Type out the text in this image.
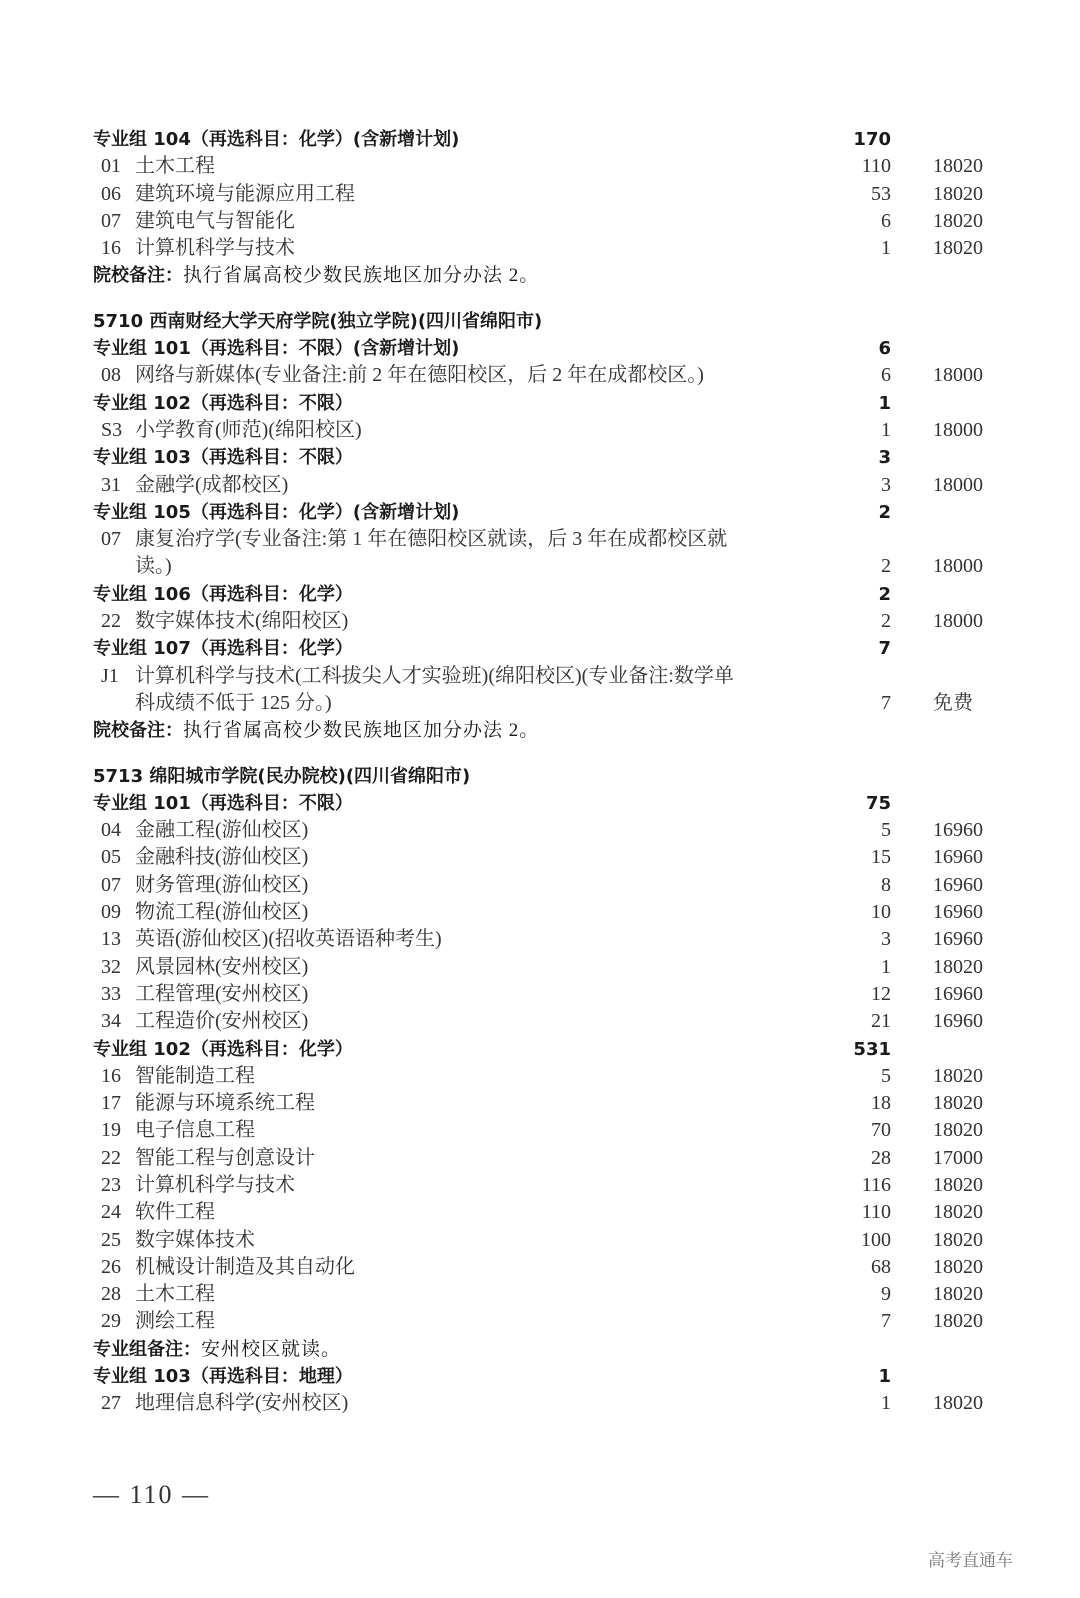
专业组 104（再选科目：化学）(含新增计划)	170
01 土木工程	110 18020
06 建筑环境与能源应用工程	53 18020
07 建筑电气与智能化	6 18020
16 计算机科学与技术	1 18020
院校备注：执行省属高校少数民族地区加分办法 2。
5710 西南财经大学天府学院(独立学院)(四川省绵阳市)
专业组 101（再选科目：不限）(含新增计划)	6
08 网络与新媒体(专业备注:前 2 年在德阳校区，后 2 年在成都校区。)	6 18000
专业组 102（再选科目：不限）	1
S3 小学教育(师范)(绵阳校区)	1 18000
专业组 103（再选科目：不限）	3
31 金融学(成都校区)	3 18000
专业组 105（再选科目：化学）(含新增计划)	2
07 康复治疗学(专业备注:第 1 年在德阳校区就读，后 3 年在成都校区就
读。)	2 18000
专业组 106（再选科目：化学）	2
22 数字媒体技术(绵阳校区)	2 18000
专业组 107（再选科目：化学）	7
J1 计算机科学与技术(工科拔尖人才实验班)(绵阳校区)(专业备注:数学单
科成绩不低于 125 分。)	7 免费
院校备注：执行省属高校少数民族地区加分办法 2。
5713 绵阳城市学院(民办院校)(四川省绵阳市)
专业组 101（再选科目：不限）	75
04 金融工程(游仙校区)	5 16960
05 金融科技(游仙校区)	15 16960
07 财务管理(游仙校区)	8 16960
09 物流工程(游仙校区)	10 16960
13 英语(游仙校区)(招收英语语种考生)	3 16960
32 风景园林(安州校区)	1 18020
33 工程管理(安州校区)	12 16960
34 工程造价(安州校区)	21 16960
专业组 102（再选科目：化学）	531
16 智能制造工程	5 18020
17 能源与环境系统工程	18 18020
19 电子信息工程	70 18020
22 智能工程与创意设计	28 17000
23 计算机科学与技术	116 18020
24 软件工程	110 18020
25 数字媒体技术	100 18020
26 机械设计制造及其自动化	68 18020
28 土木工程	9 18020
29 测绘工程	7 18020
专业组备注：安州校区就读。
专业组 103（再选科目：地理）	1
27 地理信息科学(安州校区)	1 18020
— 110 —
高考直通车
